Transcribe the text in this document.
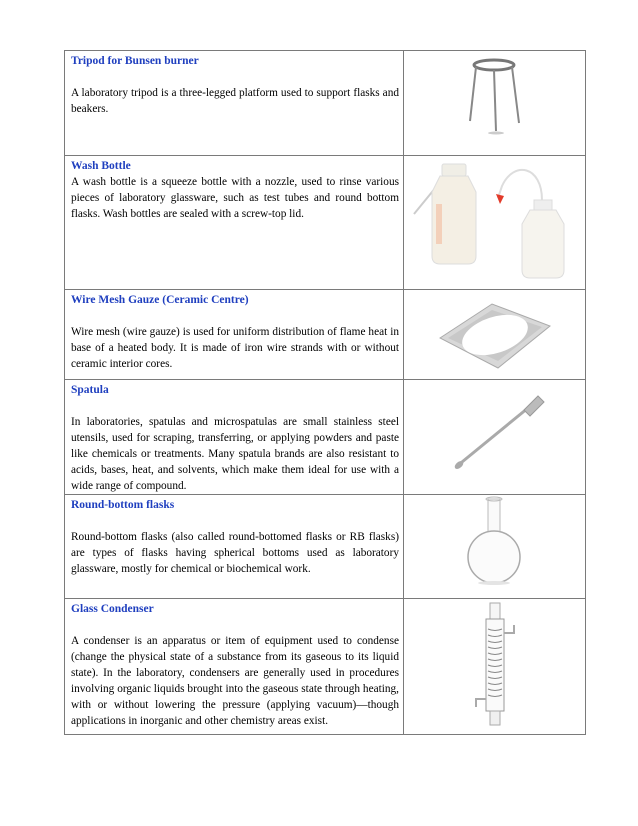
Tripod for Bunsen burner

A laboratory tripod is a three-legged platform used to support flasks and beakers.

Wash Bottle

A wash bottle is a squeeze bottle with a nozzle, used to rinse various pieces of laboratory glassware, such as test tubes and round bottom flasks. Wash bottles are sealed with a screw-top lid.

Wire Mesh Gauze (Ceramic Centre)

Wire mesh (wire gauze) is used for uniform distribution of flame heat in base of a heated body. It is made of iron wire strands with or without ceramic interior cores.

Spatula

In laboratories, spatulas and microspatulas are small stainless steel utensils, used for scraping, transferring, or applying powders and paste like chemicals or treatments. Many spatula brands are also resistant to acids, bases, heat, and solvents, which make them ideal for use with a wide range of compound.

Round-bottom flasks

Round-bottom flasks (also called round-bottomed flasks or RB flasks) are types of flasks having spherical bottoms used as laboratory glassware, mostly for chemical or biochemical work.

Glass Condenser

A condenser is an apparatus or item of equipment used to condense (change the physical state of a substance from its gaseous to its liquid state). In the laboratory, condensers are generally used in procedures involving organic liquids brought into the gaseous state through heating, with or without lowering the pressure (applying vacuum)—though applications in inorganic and other chemistry areas exist.
